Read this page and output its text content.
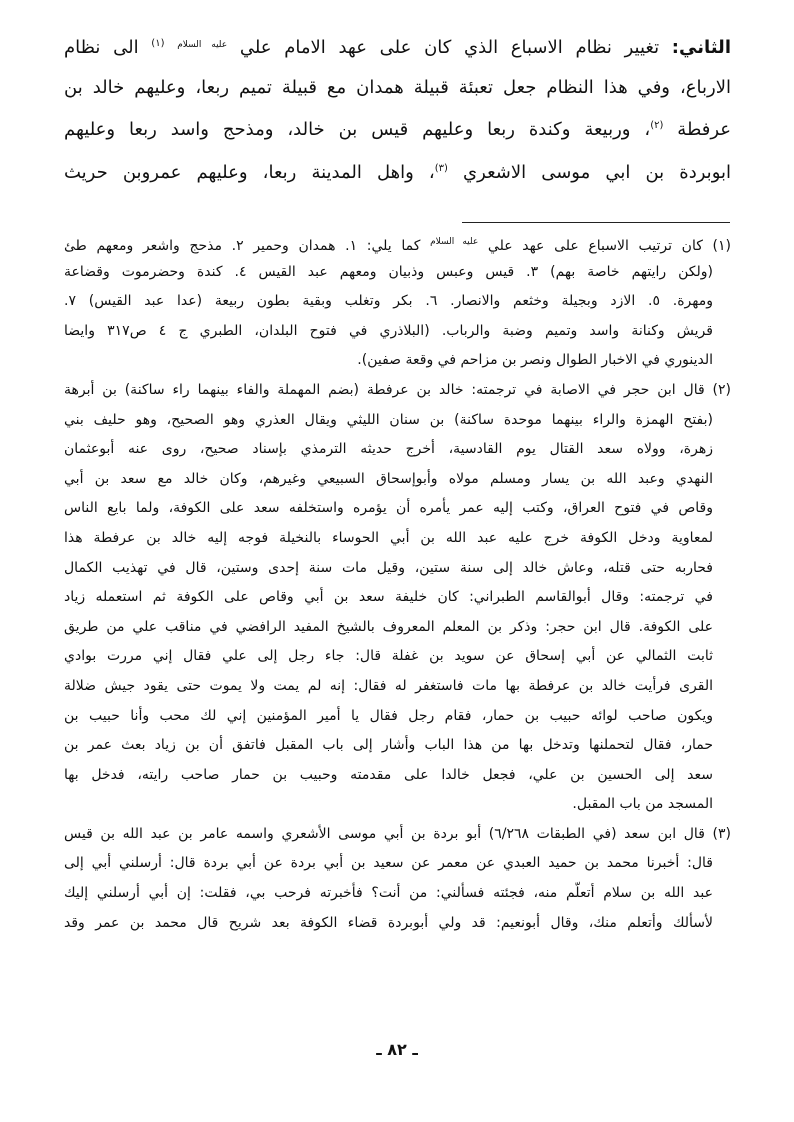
الثاني: تغيير نظام الاسباع الذي كان على عهد الامام علي $^{عليه السلام}$ $^{(١)}$ الى نظام
الارباع، وفي هذا النظام جعل تعبئة قبيلة همدان مع قبيلة تميم ربعا، وعليهم خالد بن
عرفطة $^{(٢)}$، وربيعة وكندة ربعا وعليهم قيس بن خالد، ومذحج واسد ربعا وعليهم
ابوبردة بن ابي موسى الاشعري $^{(٣)}$، واهل المدينة ربعا، وعليهم عمروبن حريث
(١) كان ترتيب الاسباع على عهد علي $^{عليه السلام}$ كما يلي: ١. همدان وحمير ٢. مذحج واشعر ومعهم طئ
(ولكن رايتهم خاصة بهم) ٣. قيس وعبس وذبيان ومعهم عبد القيس ٤. كندة وحضرموت وقضاعة
ومهرة. ٥. الازد وبجيلة وخثعم والانصار. ٦. بكر وتغلب وبقية بطون ربيعة (عدا عبد القيس) ٧.
قريش وكنانة واسد وتميم وضبة والرباب. (البلاذري في فتوح البلدان، الطبري ج ٤ ص٣١٧ وايضا
الدينوري في الاخبار الطوال ونصر بن مزاحم في وقعة صفين).
(٢) قال ابن حجر في الاصابة في ترجمته: خالد بن عرفطة (بضم المهملة والفاء بينهما راء ساكنة) بن أبرهة
(بفتح الهمزة والراء بينهما موحدة ساكنة) بن سنان الليثي ويقال العذري وهو الصحيح، وهو حليف بني
زهرة، وولاه سعد القتال يوم القادسية، أخرج حديثه الترمذي بإسناد صحيح، روى عنه أبوعثمان
النهدي وعبد الله بن يسار ومسلم مولاه وأبوإسحاق السبيعي وغيرهم، وكان خالد مع سعد بن أبي
وقاص في فتوح العراق، وكتب إليه عمر يأمره أن يؤمره واستخلفه سعد على الكوفة، ولما بايع الناس
لمعاوية ودخل الكوفة خرج عليه عبد الله بن أبي الحوساء بالنخيلة فوجه إليه خالد بن عرفطة هذا
فحاربه حتى قتله، وعاش خالد إلى سنة ستين، وقيل مات سنة إحدى وستين، قال في تهذيب الكمال
في ترجمته: وقال أبوالقاسم الطبراني: كان خليفة سعد بن أبي وقاص على الكوفة ثم استعمله زياد
على الكوفة. قال ابن حجر: وذكر بن المعلم المعروف بالشيخ المفيد الرافضي في مناقب علي من طريق
ثابت الثمالي عن أبي إسحاق عن سويد بن غفلة قال: جاء رجل إلى علي فقال إني مررت بوادي
القرى فرأيت خالد بن عرفطة بها مات فاستغفر له فقال: إنه لم يمت ولا يموت حتى يقود جيش ضلالة
ويكون صاحب لوائه حبيب بن حمار، فقام رجل فقال يا أمير المؤمنين إني لك محب وأنا حبيب بن
حمار، فقال لتحملنها وتدخل بها من هذا الباب وأشار إلى باب المقبل فاتفق أن بن زياد بعث عمر بن
سعد إلى الحسين بن علي، فجعل خالدا على مقدمته وحبيب بن حمار صاحب رايته، فدخل بها
المسجد من باب المقبل.
(٣) قال ابن سعد (في الطبقات ٦/٢٦٨) أبو بردة بن أبي موسى الأشعري واسمه عامر بن عبد الله بن قيس
قال: أخبرنا محمد بن حميد العبدي عن معمر عن سعيد بن أبي بردة عن أبي بردة قال: أرسلني أبي إلى
عبد الله بن سلام أتعلّم منه، فجئته فسألني: من أنت؟ فأخبرته فرحب بي، فقلت: إن أبي أرسلني إليك
لأسألك وأتعلم منك، وقال أبونعيم: قد ولي أبوبردة قضاء الكوفة بعد شريح قال محمد بن عمر وقد
ـ ٨٢ ـ
